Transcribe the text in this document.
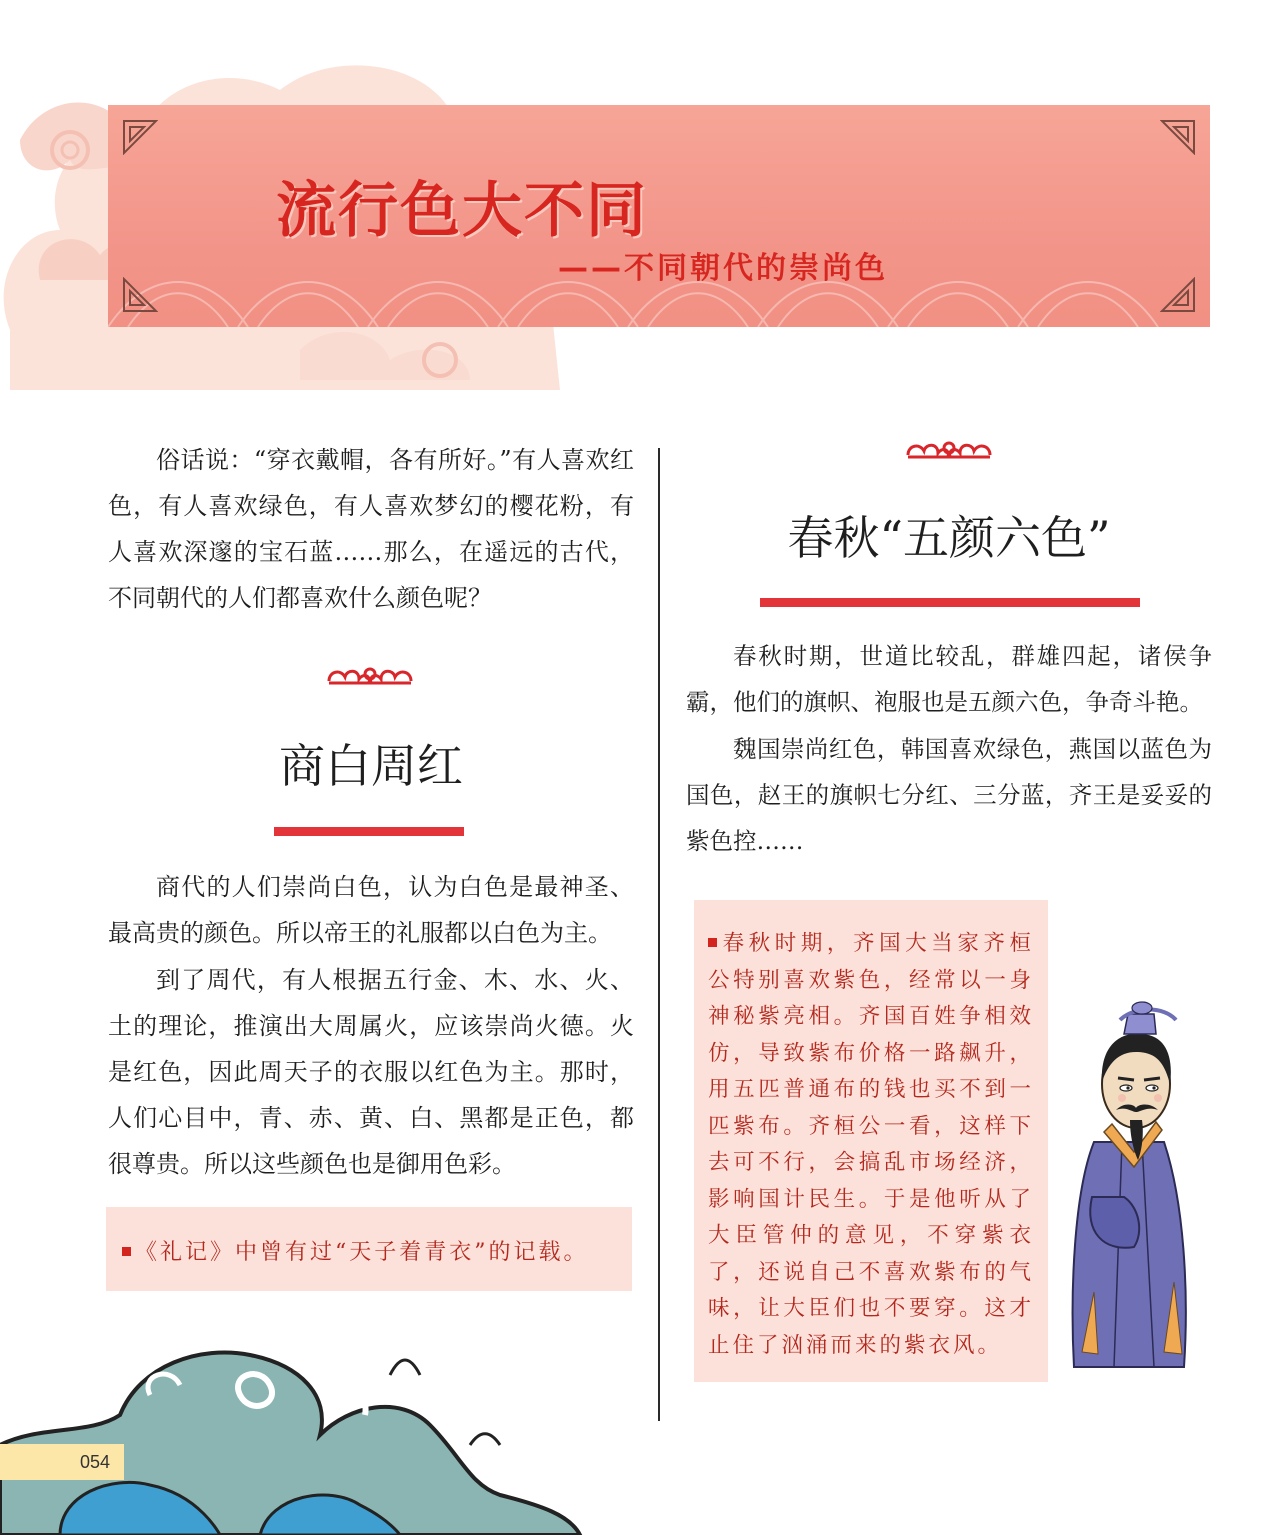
流行色大不同
——不同朝代的崇尚色

俗话说：“穿衣戴帽，各有所好。”有人喜欢红色，有人喜欢绿色，有人喜欢梦幻的樱花粉，有人喜欢深邃的宝石蓝……那么，在遥远的古代，不同朝代的人们都喜欢什么颜色呢？

商白周红

商代的人们崇尚白色，认为白色是最神圣、最高贵的颜色。所以帝王的礼服都以白色为主。

到了周代，有人根据五行金、木、水、火、土的理论，推演出大周属火，应该崇尚火德。火是红色，因此周天子的衣服以红色为主。那时，人们心目中，青、赤、黄、白、黑都是正色，都很尊贵。所以这些颜色也是御用色彩。

《礼记》中曾有过“天子着青衣”的记载。
春秋“五颜六色”

春秋时期，世道比较乱，群雄四起，诸侯争霸，他们的旗帜、袍服也是五颜六色，争奇斗艳。

魏国崇尚红色，韩国喜欢绿色，燕国以蓝色为国色，赵王的旗帜七分红、三分蓝，齐王是妥妥的紫色控……

春秋时期，齐国大当家齐桓公特别喜欢紫色，经常以一身神秘紫亮相。齐国百姓争相效仿，导致紫布价格一路飙升，用五匹普通布的钱也买不到一匹紫布。齐桓公一看，这样下去可不行，会搞乱市场经济，影响国计民生。于是他听从了大臣管仲的意见，不穿紫衣了，还说自己不喜欢紫布的气味，让大臣们也不要穿。这才止住了汹涌而来的紫衣风。
054
